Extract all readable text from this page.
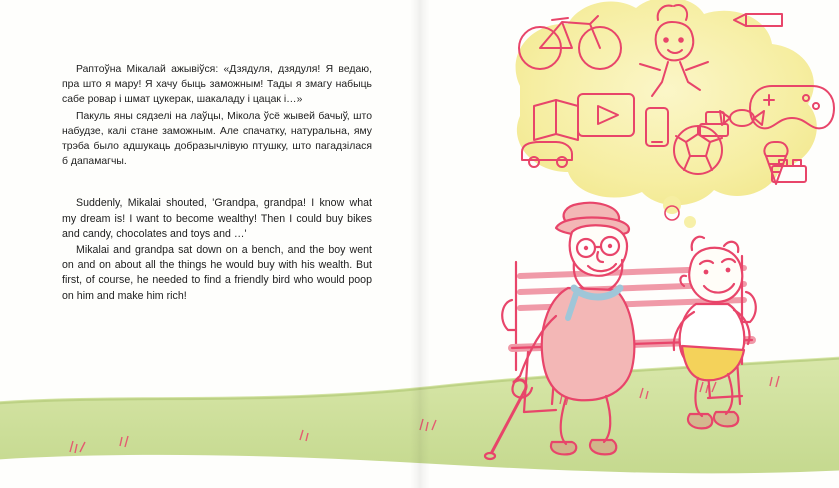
Раптоўна Мікалай ажывіўся: «Дзядуля, дзядуля! Я ведаю, пра што я мару! Я хачу быць заможным! Тады я змагу набыць сабе ровар і шмат цукерак, шакаладу і цацак і…»

Пакуль яны сядзелі на лаўцы, Мікола ўсё жывей бачыў, што набудзе, калі стане заможным. Але спачатку, натуральна, яму трэба было адшукаць добразычлівую птушку, што пагадзілася б дапамагчы.

Suddenly, Mikalai shouted, 'Grandpa, grandpa! I know what my dream is! I want to become wealthy! Then I could buy bikes and candy, chocolates and toys and …'

Mikalai and grandpa sat down on a bench, and the boy went on and on about all the things he would buy with his wealth. But first, of course, he needed to find a friendly bird who would poop on him and make him rich!
